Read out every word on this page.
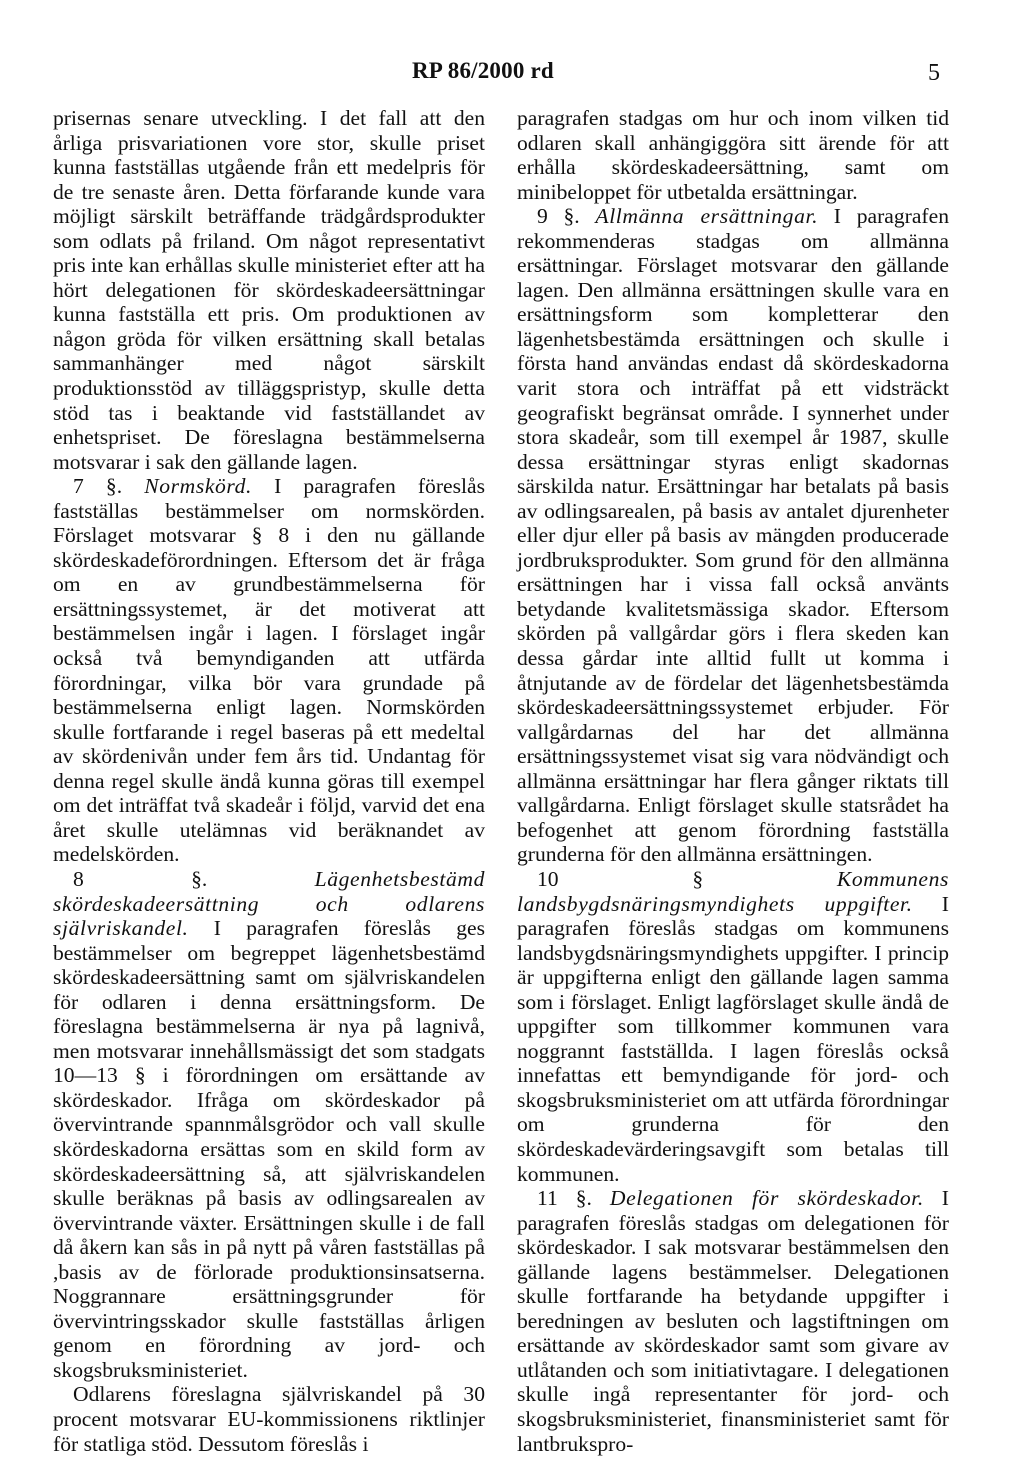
RP 86/2000 rd	5

prisernas senare utveckling. I det fall att den årliga prisvariationen vore stor, skulle priset kunna fastställas utgående från ett medelpris för de tre senaste åren. Detta förfarande kunde vara möjligt särskilt beträffande trädgårdsprodukter som odlats på friland. Om något representativt pris inte kan erhållas skulle ministeriet efter att ha hört delegationen för skördeskadeersättningar kunna fastställa ett pris. Om produktionen av någon gröda för vilken ersättning skall betalas sammanhänger med något särskilt produktionsstöd av tilläggspristyp, skulle detta stöd tas i beaktande vid fastställandet av enhetspriset. De föreslagna bestämmelserna motsvarar i sak den gällande lagen.

7 §. Normskörd. I paragrafen föreslås fastställas bestämmelser om normskörden. Förslaget motsvarar § 8 i den nu gällande skördeskadeförordningen. Eftersom det är fråga om en av grundbestämmelserna för ersättningssystemet, är det motiverat att bestämmelsen ingår i lagen. I förslaget ingår också två bemyndiganden att utfärda förordningar, vilka bör vara grundade på bestämmelserna enligt lagen. Normskörden skulle fortfarande i regel baseras på ett medeltal av skördenivån under fem års tid. Undantag för denna regel skulle ändå kunna göras till exempel om det inträffat två skadeår i följd, varvid det ena året skulle utelämnas vid beräknandet av medelskörden.

8 §. Lägenhetsbestämd skördeskadeersättning och odlarens självriskandel. I paragrafen föreslås ges bestämmelser om begreppet lägenhetsbestämd skördeskadeersättning samt om självriskandelen för odlaren i denna ersättningsform. De föreslagna bestämmelserna är nya på lagnivå, men motsvarar innehållsmässigt det som stadgats 10—13 § i förordningen om ersättande av skördeskador. Ifråga om skördeskador på övervintrande spannmålsgrödor och vall skulle skördeskadorna ersättas som en skild form av skördeskadeersättning så, att självriskandelen skulle beräknas på basis av odlingsarealen av övervintrande växter. Ersättningen skulle i de fall då åkern kan sås in på nytt på våren fastställas på ,basis av de förlorade produktionsinsatserna. Noggrannare ersättningsgrunder för övervintringsskador skulle fastställas årligen genom en förordning av jord- och skogsbruksministeriet.

Odlarens föreslagna självriskandel på 30 procent motsvarar EU-kommissionens riktlinjer för statliga stöd. Dessutom föreslås i

paragrafen stadgas om hur och inom vilken tid odlaren skall anhängiggöra sitt ärende för att erhålla skördeskadeersättning, samt om minibeloppet för utbetalda ersättningar.

9 §. Allmänna ersättningar. I paragrafen rekommenderas stadgas om allmänna ersättningar. Förslaget motsvarar den gällande lagen. Den allmänna ersättningen skulle vara en ersättningsform som kompletterar den lägenhetsbestämda ersättningen och skulle i första hand användas endast då skördeskadorna varit stora och inträffat på ett vidsträckt geografiskt begränsat område. I synnerhet under stora skadeår, som till exempel år 1987, skulle dessa ersättningar styras enligt skadornas särskilda natur. Ersättningar har betalats på basis av odlingsarealen, på basis av antalet djurenheter eller djur eller på basis av mängden producerade jordbruksprodukter. Som grund för den allmänna ersättningen har i vissa fall också använts betydande kvalitetsmässiga skador. Eftersom skörden på vallgårdar görs i flera skeden kan dessa gårdar inte alltid fullt ut komma i åtnjutande av de fördelar det lägenhetsbestämda skördeskadeersättningssystemet erbjuder. För vallgårdarnas del har det allmänna ersättningssystemet visat sig vara nödvändigt och allmänna ersättningar har flera gånger riktats till vallgårdarna. Enligt förslaget skulle statsrådet ha befogenhet att genom förordning fastställa grunderna för den allmänna ersättningen.

10 § Kommunens landsbygdsnäringsmyndighets uppgifter. I paragrafen föreslås stadgas om kommunens landsbygdsnäringsmyndighets uppgifter. I princip är uppgifterna enligt den gällande lagen samma som i förslaget. Enligt lagförslaget skulle ändå de uppgifter som tillkommer kommunen vara noggrannt fastställda. I lagen föreslås också innefattas ett bemyndigande för jord- och skogsbruksministeriet om att utfärda förordningar om grunderna för den skördeskadevärderingsavgift som betalas till kommunen.

11 §. Delegationen för skördeskador. I paragrafen föreslås stadgas om delegationen för skördeskador. I sak motsvarar bestämmelsen den gällande lagens bestämmelser. Delegationen skulle fortfarande ha betydande uppgifter i beredningen av besluten och lagstiftningen om ersättande av skördeskador samt som givare av utlåtanden och som initiativtagare. I delegationen skulle ingå representanter för jord- och skogsbruksministeriet, finansministeriet samt för lantbrukspro-
